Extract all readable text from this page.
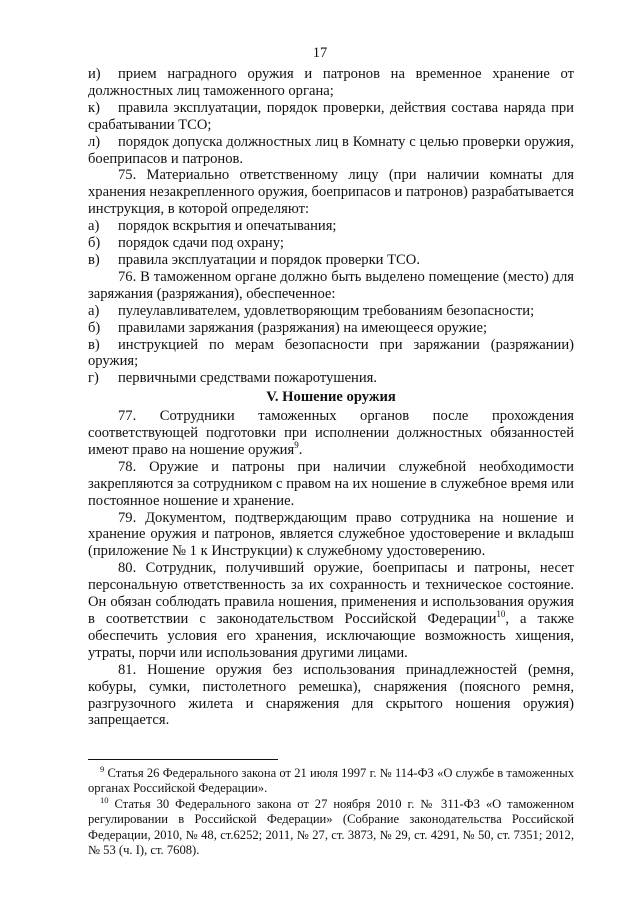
17

и) прием наградного оружия и патронов на временное хранение от должностных лиц таможенного органа;

к) правила эксплуатации, порядок проверки, действия состава наряда при срабатывании ТСО;

л) порядок допуска должностных лиц в Комнату с целью проверки оружия, боеприпасов и патронов.

75. Материально ответственному лицу (при наличии комнаты для хранения незакрепленного оружия, боеприпасов и патронов) разрабатывается инструкция, в которой определяют:

а) порядок вскрытия и опечатывания;

б) порядок сдачи под охрану;

в) правила эксплуатации и порядок проверки ТСО.

76. В таможенном органе должно быть выделено помещение (место) для заряжания (разряжания), обеспеченное:

а) пулеулавливателем, удовлетворяющим требованиям безопасности;

б) правилами заряжания (разряжания) на имеющееся оружие;

в) инструкцией по мерам безопасности при заряжании (разряжании) оружия;

г) первичными средствами пожаротушения.

V. Ношение оружия

77. Сотрудники таможенных органов после прохождения соответствующей подготовки при исполнении должностных обязанностей имеют право на ношение оружия$^9$.

78. Оружие и патроны при наличии служебной необходимости закрепляются за сотрудником с правом на их ношение в служебное время или постоянное ношение и хранение.

79. Документом, подтверждающим право сотрудника на ношение и хранение оружия и патронов, является служебное удостоверение и вкладыш (приложение № 1 к Инструкции) к служебному удостоверению.

80. Сотрудник, получивший оружие, боеприпасы и патроны, несет персональную ответственность за их сохранность и техническое состояние. Он обязан соблюдать правила ношения, применения и использования оружия в соответствии с законодательством Российской Федерации$^{10}$, а также обеспечить условия его хранения, исключающие возможность хищения, утраты, порчи или использования другими лицами.

81. Ношение оружия без использования принадлежностей (ремня, кобуры, сумки, пистолетного ремешка), снаряжения (поясного ремня, разгрузочного жилета и снаряжения для скрытого ношения оружия) запрещается.

$^9$ Статья 26 Федерального закона от 21 июля 1997 г. № 114-ФЗ «О службе в таможенных органах Российской Федерации».

$^{10}$ Статья 30 Федерального закона от 27 ноября 2010 г. № 311-ФЗ «О таможенном регулировании в Российской Федерации» (Собрание законодательства Российской Федерации, 2010, № 48, ст.6252; 2011, № 27, ст. 3873, № 29, ст. 4291, № 50, ст. 7351; 2012, № 53 (ч. I), ст. 7608).
